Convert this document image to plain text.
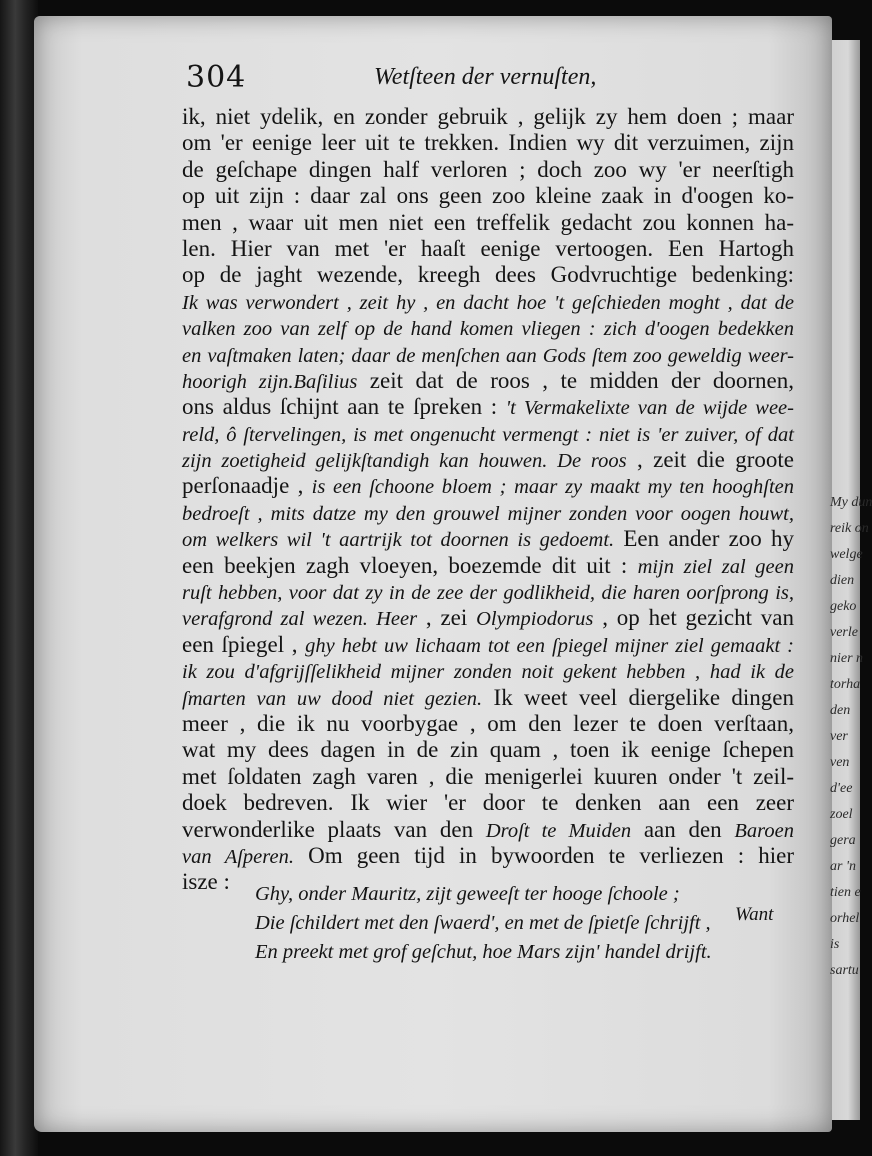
304	Wetſteen der vernuſten,
ik, niet ydelik, en zonder gebruik , gelijk zy hem doen ; maar
om 'er eenige leer uit te trekken. Indien wy dit verzuimen, zijn
de geſchape dingen half verloren ; doch zoo wy 'er neerſtigh
op uit zijn : daar zal ons geen zoo kleine zaak in d'oogen ko-
men , waar uit men niet een treffelik gedacht zou konnen ha-
len. Hier van met 'er haaſt eenige vertoogen. Een Hartogh
op de jaght wezende, kreegh dees Godvruchtige bedenking:
Ik was verwondert , zeit hy , en dacht hoe 't geſchieden moght , dat de
valken zoo van zelf op de hand komen vliegen : zich d'oogen bedekken
en vaſtmaken laten; daar de menſchen aan Gods ſtem zoo geweldig weer-
hoorigh zijn.Baſilius zeit dat de roos , te midden der doornen,
ons aldus ſchijnt aan te ſpreken : 't Vermakelixte van de wijde wee-
reld, ô ſtervelingen, is met ongenucht vermengt : niet is 'er zuiver, of dat
zijn zoetigheid gelijkſtandigh kan houwen. De roos , zeit die groote
perſonaadje , is een ſchoone bloem ; maar zy maakt my ten hooghſten
bedroeſt , mits datze my den grouwel mijner zonden voor oogen houwt,
om welkers wil 't aartrijk tot doornen is gedoemt. Een ander zoo hy
een beekjen zagh vloeyen, boezemde dit uit : mijn ziel zal geen
ruſt hebben, voor dat zy in de zee der godlikheid, die haren oorſprong is,
verafgrond zal wezen. Heer , zei Olympiodorus , op het gezicht van
een ſpiegel , ghy hebt uw lichaam tot een ſpiegel mijner ziel gemaakt :
ik zou d'afgrijſſelikheid mijner zonden noit gekent hebben , had ik de
ſmarten van uw dood niet gezien. Ik weet veel diergelike dingen
meer , die ik nu voorbygae , om den lezer te doen verſtaan,
wat my dees dagen in de zin quam , toen ik eenige ſchepen
met ſoldaten zagh varen , die menigerlei kuuren onder 't zeil-
doek bedreven. Ik wier 'er door te denken aan een zeer
verwonderlike plaats van den Droſt te Muiden aan den Baroen
van Aſperen. Om geen tijd in bywoorden te verliezen : hier
isze :	Ghy, onder Mauritz, zijt geweeſt ter hooge ſchoole ;
Die ſchildert met den ſwaerd', en met de ſpietſe ſchrijft ,
En preekt met grof geſchut, hoe Mars zijn' handel drijft.
Want
My dun
reik on
welge
dien
geko
verle
nier n
torha
den
ver
ven
d'ee
zoel
gera
ar 'n
tien e
orhel
is
sartu
